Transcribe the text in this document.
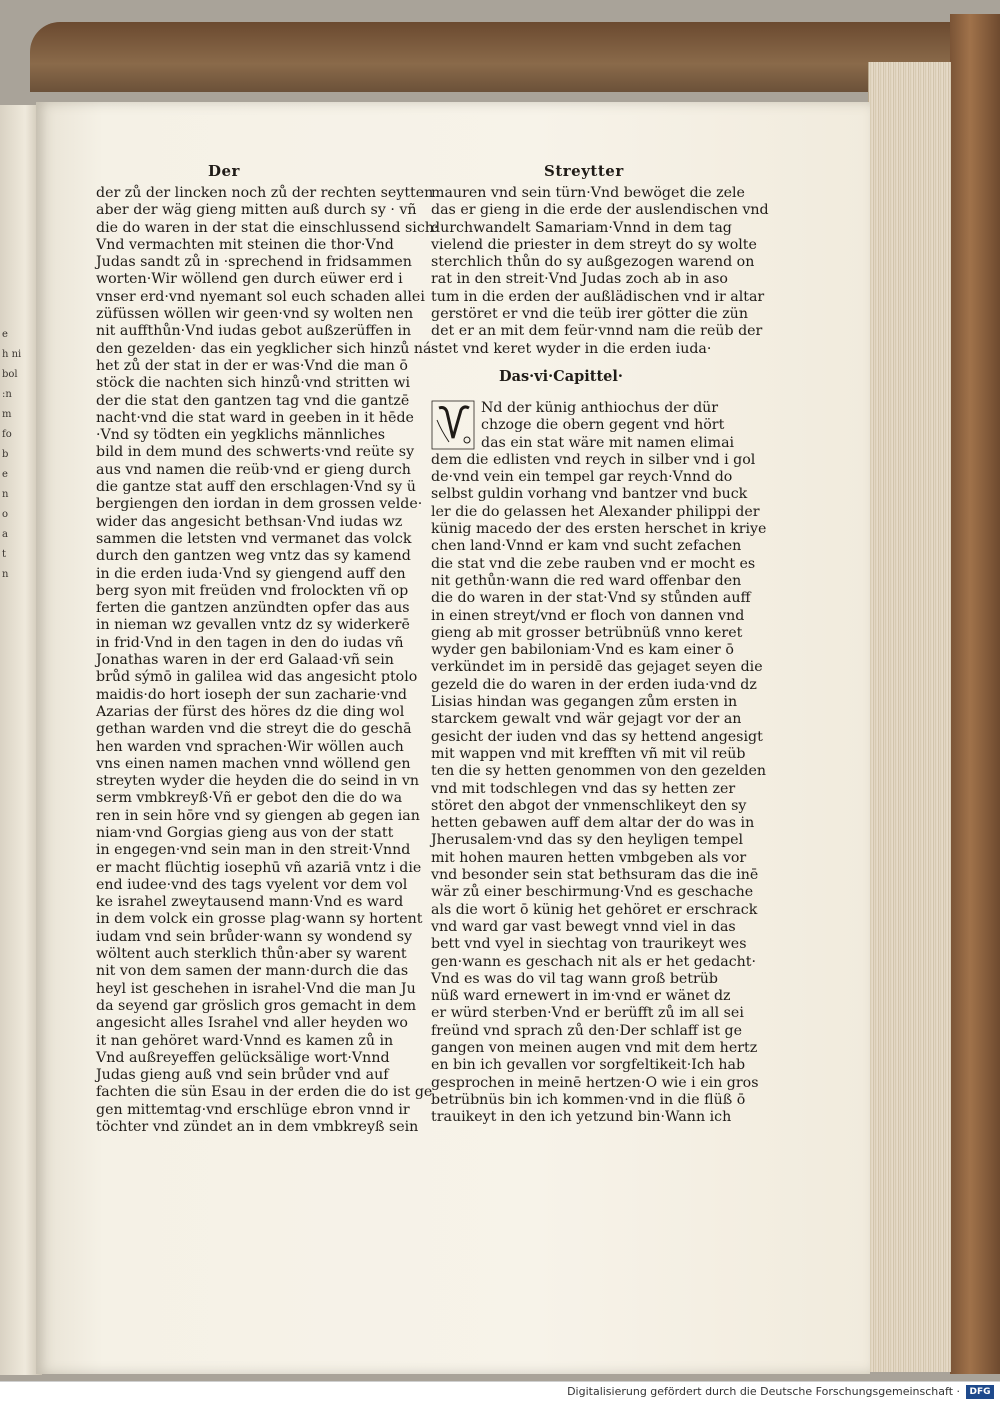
e
h ni
bol
:n
m
fo
b
e
n
o
a
t
n
Der	Streytter
der zů der lincken noch zů der rechten seytten
aber der wäg gieng mitten auß durch sy · vñ
die do waren in der stat die einschlussend sich·
Vnd vermachten mit steinen die thor·Vnd
Judas sandt zů in ·sprechend in fridsammen
worten·Wir wöllend gen durch eüwer erd i
vnser erd·vnd nyemant sol euch schaden allei
züfüssen wöllen wir geen·vnd sy wolten nen
nit auffthůn·Vnd iudas gebot außzerüffen in
den gezelden· das ein yegklicher sich hinzů ná
het zů der stat in der er was·Vnd die man ō
stöck die nachten sich hinzů·vnd stritten wi
der die stat den gantzen tag vnd die gantzē
nacht·vnd die stat ward in geeben in it hēde
·Vnd sy tödten ein yegklichs männliches
bild in dem mund des schwerts·vnd reüte sy
aus vnd namen die reüb·vnd er gieng durch
die gantze stat auff den erschlagen·Vnd sy ü
bergiengen den iordan in dem grossen velde·
wider das angesicht bethsan·Vnd iudas wz
sammen die letsten vnd vermanet das volck
durch den gantzen weg vntz das sy kamend
in die erden iuda·Vnd sy giengend auff den
berg syon mit freüden vnd frolockten vñ op
ferten die gantzen anzündten opfer das aus
in nieman wz gevallen vntz dz sy widerkerē
in frid·Vnd in den tagen in den do iudas vñ
Jonathas waren in der erd Galaad·vñ sein
brůd sýmō in galilea wid das angesicht ptolo
maidis·do hort ioseph der sun zacharie·vnd
Azarias der fürst des höres dz die ding wol
gethan warden vnd die streyt die do geschā
hen warden vnd sprachen·Wir wöllen auch
vns einen namen machen vnnd wöllend gen
streyten wyder die heyden die do seind in vn
serm vmbkreyß·Vñ er gebot den die do wa
ren in sein hōre vnd sy giengen ab gegen ian
niam·vnd Gorgias gieng aus von der statt
in engegen·vnd sein man in den streit·Vnnd
er macht flüchtig iosephū vñ azariā vntz i die
end iudee·vnd des tags vyelent vor dem vol
ke israhel zweytausend mann·Vnd es ward
in dem volck ein grosse plag·wann sy hortent
iudam vnd sein brůder·wann sy wondend sy
wöltent auch sterklich thůn·aber sy warent
nit von dem samen der mann·durch die das
heyl ist geschehen in israhel·Vnd die man Ju
da seyend gar gröslich gros gemacht in dem
angesicht alles Israhel vnd aller heyden wo
it nan gehöret ward·Vnnd es kamen zů in
Vnd außreyeffen gelücksälige wort·Vnnd
Judas gieng auß vnd sein brůder vnd auf
fachten die sün Esau in der erden die do ist ge
gen mittemtag·vnd erschlüge ebron vnnd ir
töchter vnd zündet an in dem vmbkreyß sein
mauren vnd sein türn·Vnd bewöget die zele
das er gieng in die erde der auslendischen vnd
durchwandelt Samariam·Vnnd in dem tag
vielend die priester in dem streyt do sy wolte
sterchlich thůn do sy außgezogen warend on
rat in den streit·Vnd Judas zoch ab in aso
tum in die erden der außlädischen vnd ir altar
gerstöret er vnd die teüb irer götter die zün
det er an mit dem feür·vnnd nam die reüb der
stet vnd keret wyder in die erden iuda·
Das·vi·Capittel·
Nd der künig anthiochus der dür
chzoge die obern gegent vnd hört
das ein stat wäre mit namen elimai
dem die edlisten vnd reych in silber vnd i gol
de·vnd vein ein tempel gar reych·Vnnd do
selbst guldin vorhang vnd bantzer vnd buck
ler die do gelassen het Alexander philippi der
künig macedo der des ersten herschet in kriye
chen land·Vnnd er kam vnd sucht zefachen
die stat vnd die zebe rauben vnd er mocht es
nit gethůn·wann die red ward offenbar den
die do waren in der stat·Vnd sy stůnden auff
in einen streyt/vnd er floch von dannen vnd
gieng ab mit grosser betrübnüß vnno keret
wyder gen babiloniam·Vnd es kam einer ō
verkündet im in persidē das gejaget seyen die
gezeld die do waren in der erden iuda·vnd dz
Lisias hindan was gegangen zům ersten in
starckem gewalt vnd wär gejagt vor der an
gesicht der iuden vnd das sy hettend angesigt
mit wappen vnd mit krefften vñ mit vil reüb
ten die sy hetten genommen von den gezelden
vnd mit todschlegen vnd das sy hetten zer
störet den abgot der vnmenschlikeyt den sy
hetten gebawen auff dem altar der do was in
Jherusalem·vnd das sy den heyligen tempel
mit hohen mauren hetten vmbgeben als vor
vnd besonder sein stat bethsuram das die inē
wär zů einer beschirmung·Vnd es geschache
als die wort ō künig het gehöret er erschrack
vnd ward gar vast bewegt vnnd viel in das
bett vnd vyel in siechtag von traurikeyt wes
gen·wann es geschach nit als er het gedacht·
Vnd es was do vil tag wann groß betrüb
nüß ward ernewert in im·vnd er wänet dz
er würd sterben·Vnd er berüfft zů im all sei
freünd vnd sprach zů den·Der schlaff ist ge
gangen von meinen augen vnd mit dem hertz
en bin ich gevallen vor sorgfeltikeit·Ich hab
gesprochen in meinē hertzen·O wie i ein gros
betrübnüs bin ich kommen·vnd in die flüß ō
trauikeyt in den ich yetzund bin·Wann ich
Digitalisierung gefördert durch die Deutsche Forschungsgemeinschaft ·	DFG
